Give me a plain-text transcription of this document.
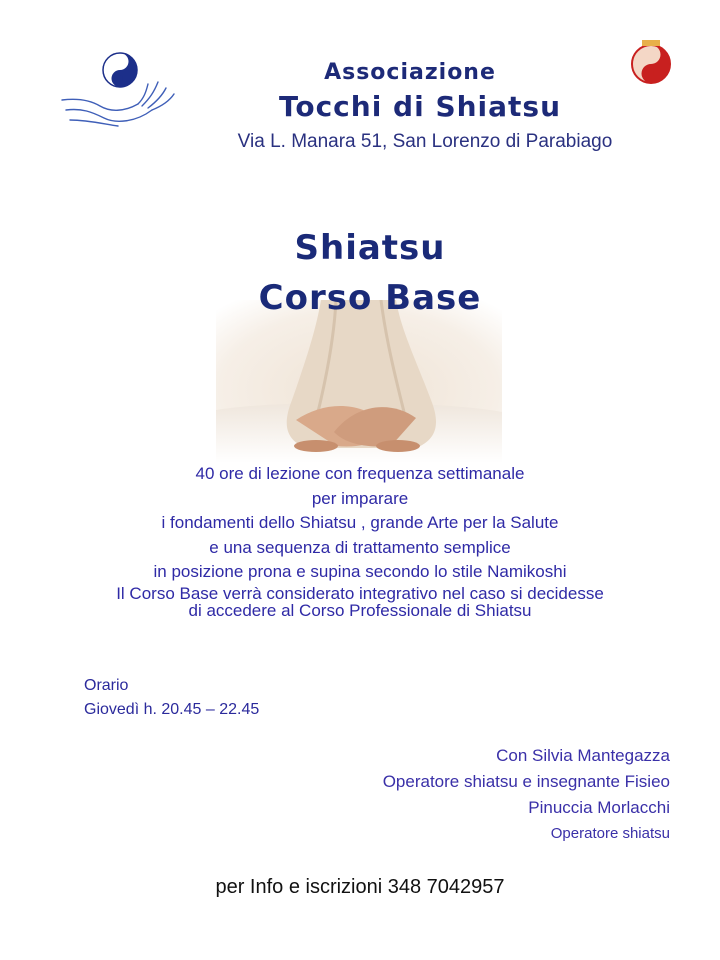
Associazione
Tocchi di Shiatsu
Via L. Manara 51, San Lorenzo di Parabiago
Shiatsu
Corso Base
40 ore di lezione con frequenza settimanale
per imparare
i fondamenti dello Shiatsu , grande Arte per la Salute
e una sequenza di trattamento semplice
in posizione prona e supina secondo lo stile Namikoshi
Il Corso Base verrà considerato integrativo nel caso si decidesse
di accedere al Corso Professionale di Shiatsu
Orario
Giovedì h. 20.45 – 22.45
Con Silvia Mantegazza
Operatore shiatsu e insegnante Fisieo
Pinuccia Morlacchi
Operatore shiatsu
per Info e iscrizioni 348 7042957
